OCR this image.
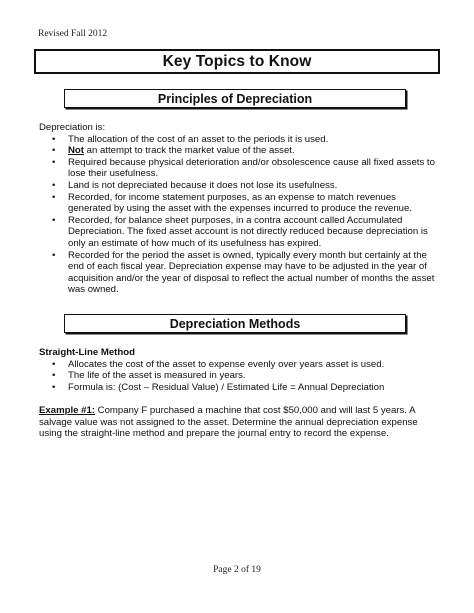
Revised Fall 2012
Key Topics to Know
Principles of Depreciation
Depreciation is:
• The allocation of the cost of an asset to the periods it is used.
• Not an attempt to track the market value of the asset.
• Required because physical deterioration and/or obsolescence cause all fixed assets to lose their usefulness.
• Land is not depreciated because it does not lose its usefulness.
• Recorded, for income statement purposes, as an expense to match revenues generated by using the asset with the expenses incurred to produce the revenue.
• Recorded, for balance sheet purposes, in a contra account called Accumulated Depreciation. The fixed asset account is not directly reduced because depreciation is only an estimate of how much of its usefulness has expired.
• Recorded for the period the asset is owned, typically every month but certainly at the end of each fiscal year. Depreciation expense may have to be adjusted in the year of acquisition and/or the year of disposal to reflect the actual number of months the asset was owned.
Depreciation Methods
Straight-Line Method
• Allocates the cost of the asset to expense evenly over years asset is used.
• The life of the asset is measured in years.
• Formula is: (Cost – Residual Value) / Estimated Life = Annual Depreciation
Example #1: Company F purchased a machine that cost $50,000 and will last 5 years. A salvage value was not assigned to the asset. Determine the annual depreciation expense using the straight-line method and prepare the journal entry to record the expense.
Page 2 of 19
